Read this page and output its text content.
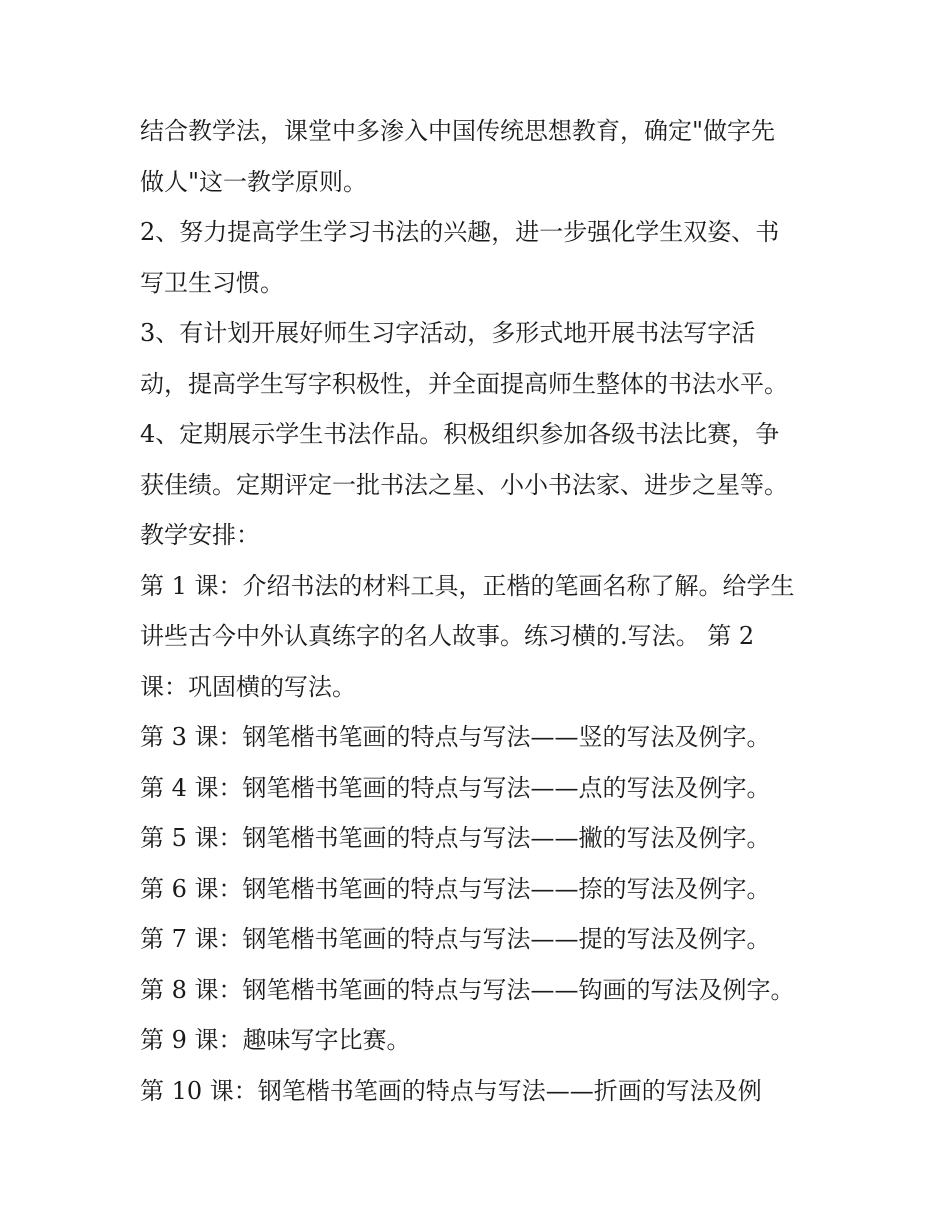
结合教学法，课堂中多渗入中国传统思想教育，确定"做字先
做人"这一教学原则。
2、努力提高学生学习书法的兴趣，进一步强化学生双姿、书
写卫生习惯。
3、有计划开展好师生习字活动，多形式地开展书法写字活
动，提高学生写字积极性，并全面提高师生整体的书法水平。
4、定期展示学生书法作品。积极组织参加各级书法比赛，争
获佳绩。定期评定一批书法之星、小小书法家、进步之星等。
教学安排：
第 1 课：介绍书法的材料工具，正楷的笔画名称了解。给学生
讲些古今中外认真练字的名人故事。练习横的.写法。 第 2
课：巩固横的写法。
第 3 课：钢笔楷书笔画的特点与写法——竖的写法及例字。
第 4 课：钢笔楷书笔画的特点与写法——点的写法及例字。
第 5 课：钢笔楷书笔画的特点与写法——撇的写法及例字。
第 6 课：钢笔楷书笔画的特点与写法——捺的写法及例字。
第 7 课：钢笔楷书笔画的特点与写法——提的写法及例字。
第 8 课：钢笔楷书笔画的特点与写法——钩画的写法及例字。
第 9 课：趣味写字比赛。
第 10 课：钢笔楷书笔画的特点与写法——折画的写法及例
